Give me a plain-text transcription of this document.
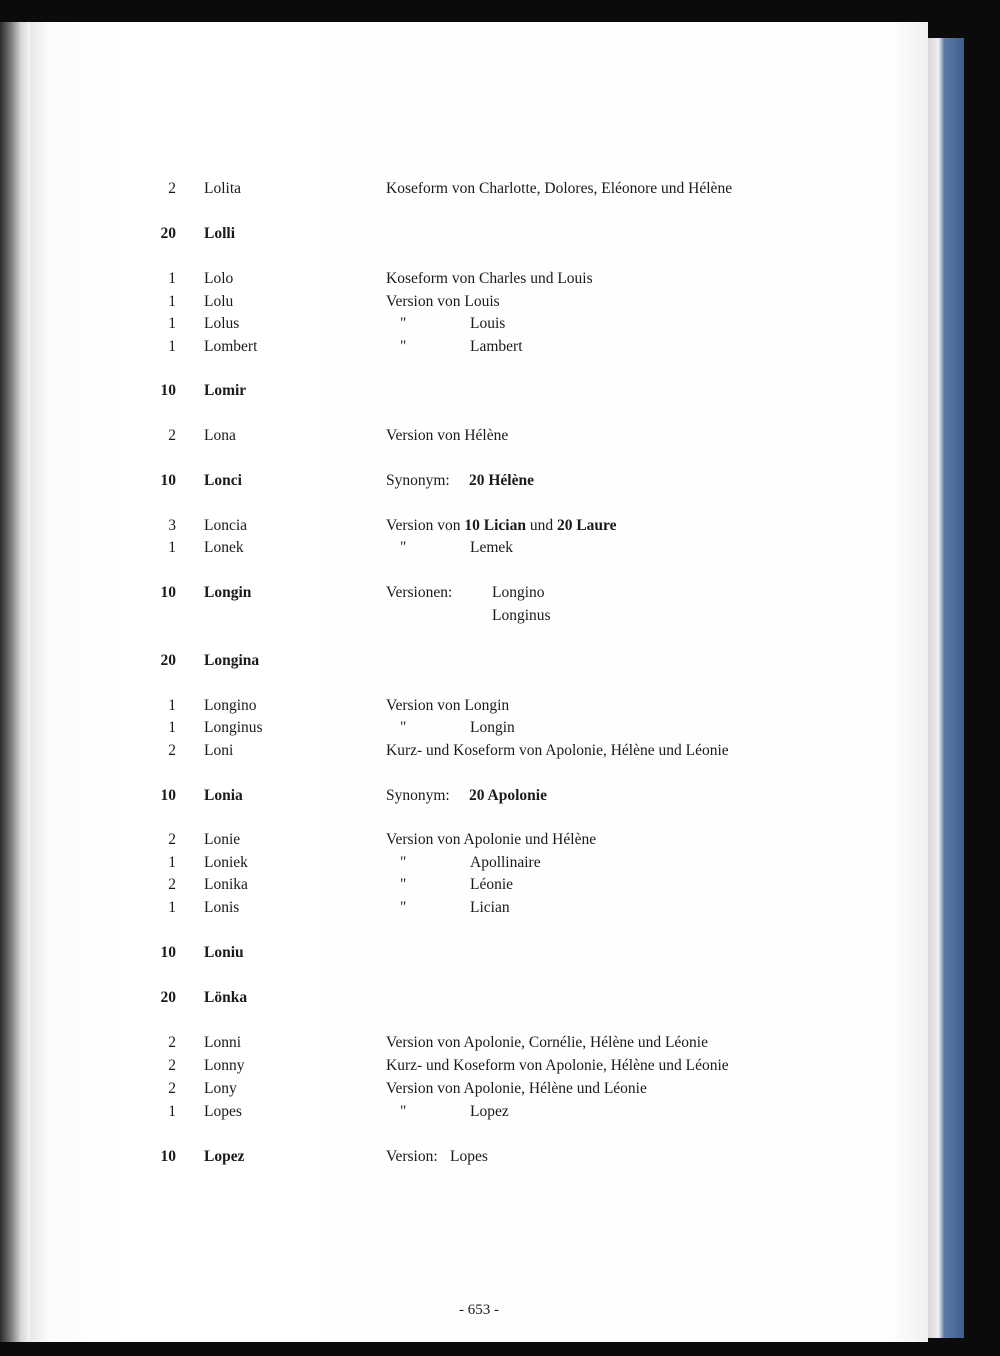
2 Lolita	Koseform von Charlotte, Dolores, Eléonore und Hélène
20 Lolli
1 Lolo	Koseform von Charles und Louis
1 Lolu	Version von Louis
1 Lolus	"	Louis
1 Lombert	"	Lambert
10 Lomir
2 Lona	Version von Hélène
10 Lonci	Synonym: 20 Hélène
3 Loncia	Version von 10 Lician und 20 Laure
1 Lonek	"	Lemek
10 Longin	Versionen:	Longino
Longinus
20 Longina
1 Longino	Version von Longin
1 Longinus	"	Longin
2 Loni	Kurz- und Koseform von Apolonie, Hélène und Léonie
10 Lonia	Synonym: 20 Apolonie
2 Lonie	Version von Apolonie und Hélène
1 Loniek	"	Apollinaire
2 Lonika	"	Léonie
1 Lonis	"	Lician
10 Loniu
20 Lönka
2 Lonni	Version von Apolonie, Cornélie, Hélène und Léonie
2 Lonny	Kurz- und Koseform von Apolonie, Hélène und Léonie
2 Lony	Version von Apolonie, Hélène und Léonie
1 Lopes	"	Lopez
10 Lopez	Version: Lopes
- 653 -
